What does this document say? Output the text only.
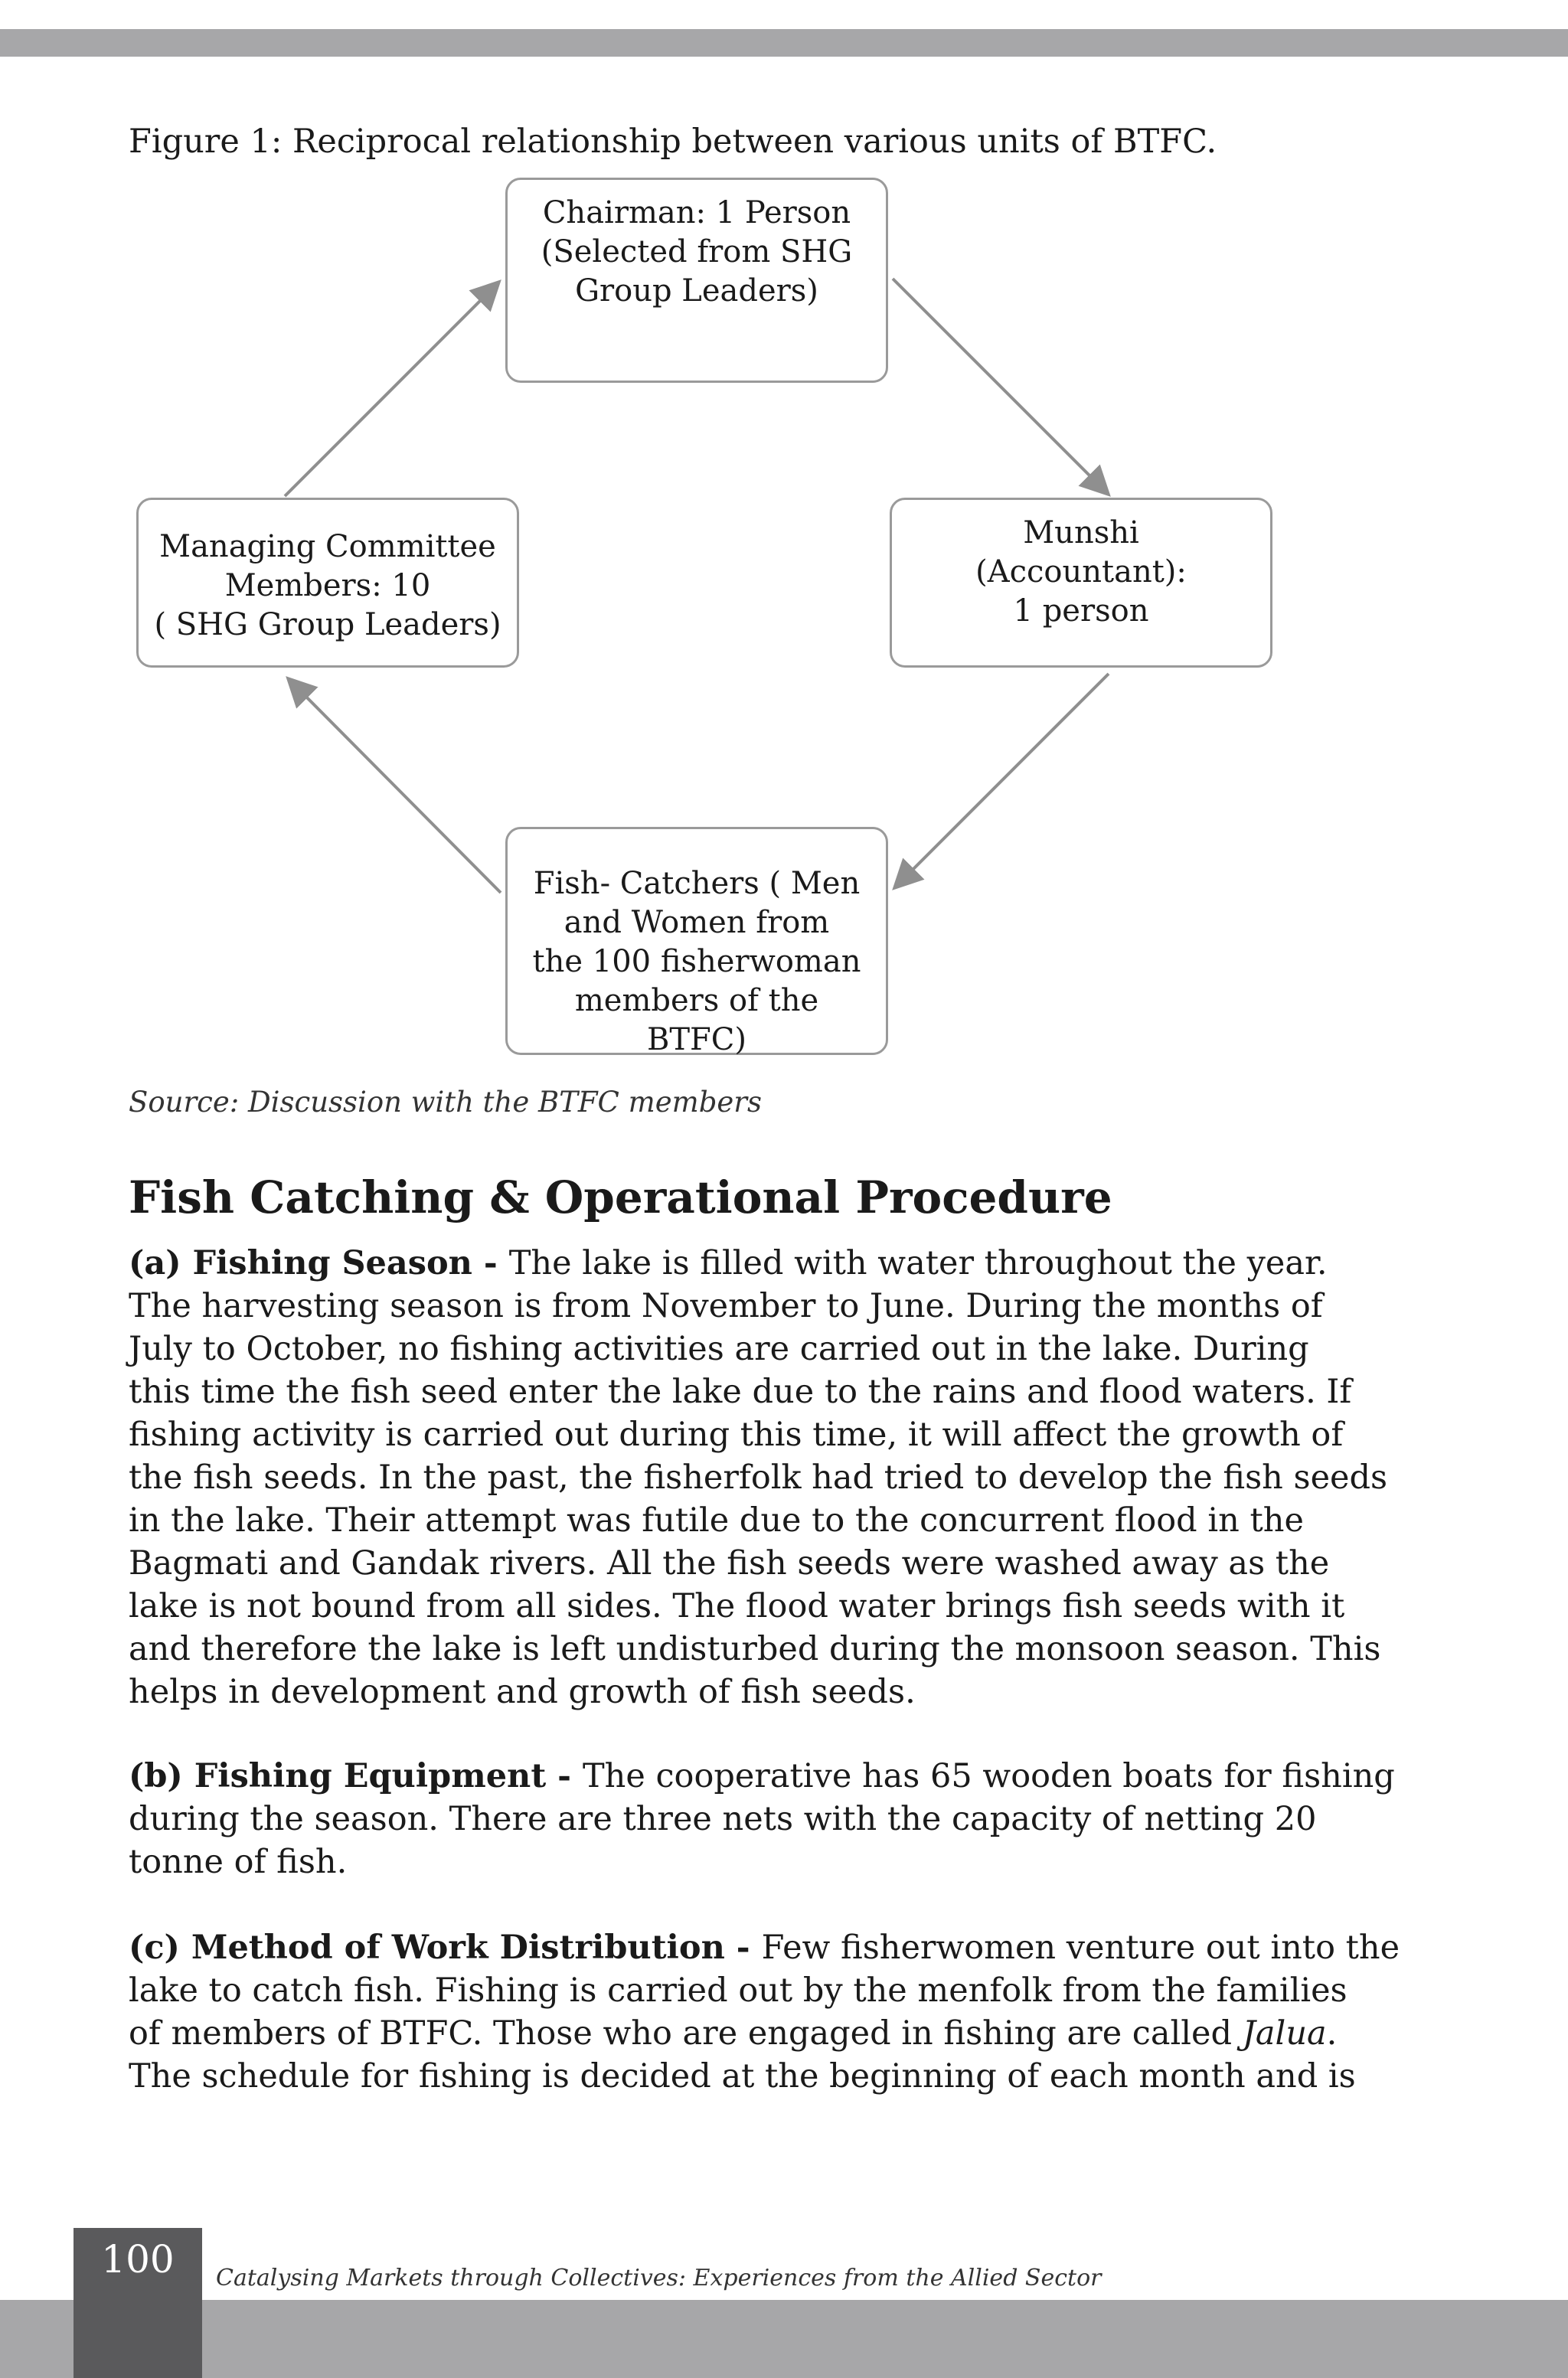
Figure 1: Reciprocal relationship between various units of BTFC.
Chairman: 1 Person
(Selected from SHG
Group Leaders)
Munshi
(Accountant):
1 person
Fish- Catchers ( Men
and Women from
the 100 fisherwoman
members of the
BTFC)
Managing Committee
Members: 10
( SHG Group Leaders)
Source: Discussion with the BTFC members
Fish Catching & Operational Procedure
(a) Fishing Season - The lake is filled with water throughout the year.
The harvesting season is from November to June. During the months of
July to October, no fishing activities are carried out in the lake. During
this time the fish seed enter the lake due to the rains and flood waters. If
fishing activity is carried out during this time, it will affect the growth of
the fish seeds. In the past, the fisherfolk had tried to develop the fish seeds
in the lake. Their attempt was futile due to the concurrent flood in the
Bagmati and Gandak rivers. All the fish seeds were washed away as the
lake is not bound from all sides. The flood water brings fish seeds with it
and therefore the lake is left undisturbed during the monsoon season. This
helps in development and growth of fish seeds.
(b) Fishing Equipment - The cooperative has 65 wooden boats for fishing
during the season. There are three nets with the capacity of netting 20
tonne of fish.
(c) Method of Work Distribution - Few fisherwomen venture out into the
lake to catch fish. Fishing is carried out by the menfolk from the families
of members of BTFC. Those who are engaged in fishing are called Jalua.
The schedule for fishing is decided at the beginning of each month and is
100	Catalysing Markets through Collectives: Experiences from the Allied Sector
